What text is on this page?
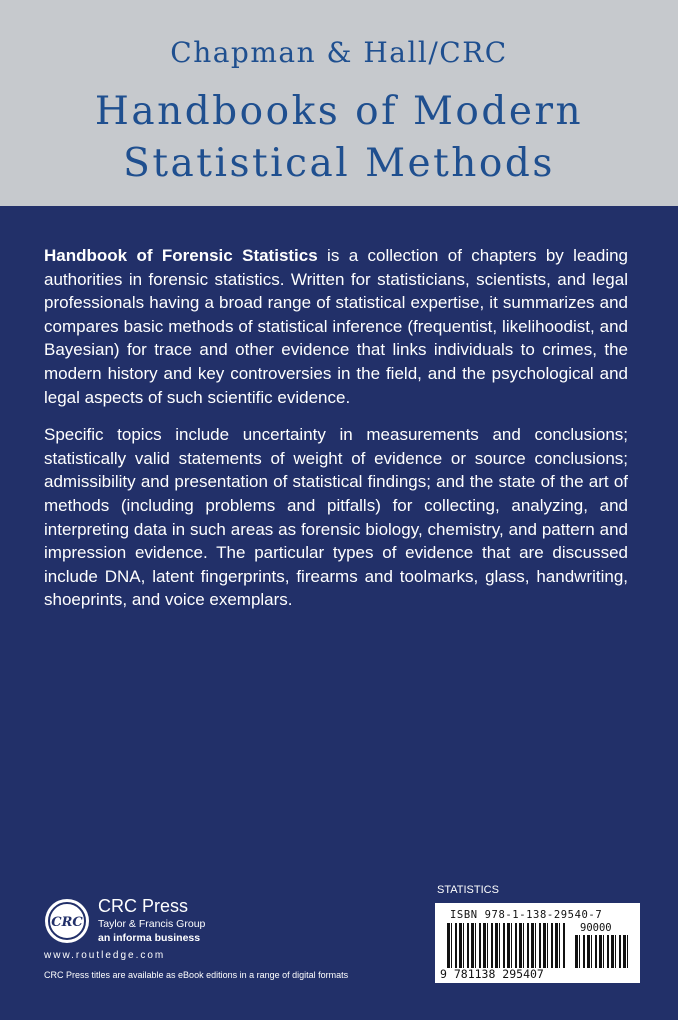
Chapman & Hall/CRC
Handbooks of Modern
Statistical Methods

Handbook of Forensic Statistics is a collection of chapters by leading authorities in forensic statistics. Written for statisticians, scientists, and legal professionals having a broad range of statistical expertise, it summarizes and compares basic methods of statistical inference (frequentist, likelihoodist, and Bayesian) for trace and other evidence that links individuals to crimes, the modern history and key controversies in the field, and the psychological and legal aspects of such scientific evidence.

Specific topics include uncertainty in measurements and conclusions; statistically valid statements of weight of evidence or source conclusions; admissibility and presentation of statistical findings; and the state of the art of methods (including problems and pitfalls) for collecting, analyzing, and interpreting data in such areas as forensic biology, chemistry, and pattern and impression evidence. The particular types of evidence that are discussed include DNA, latent fingerprints, firearms and toolmarks, glass, handwriting, shoeprints, and voice exemplars.

CRC
CRC Press
Taylor & Francis Group
an informa business
www.routledge.com
CRC Press titles are available as eBook editions in a range of digital formats
STATISTICS
ISBN 978-1-138-29540-7
90000
9 781138 295407
